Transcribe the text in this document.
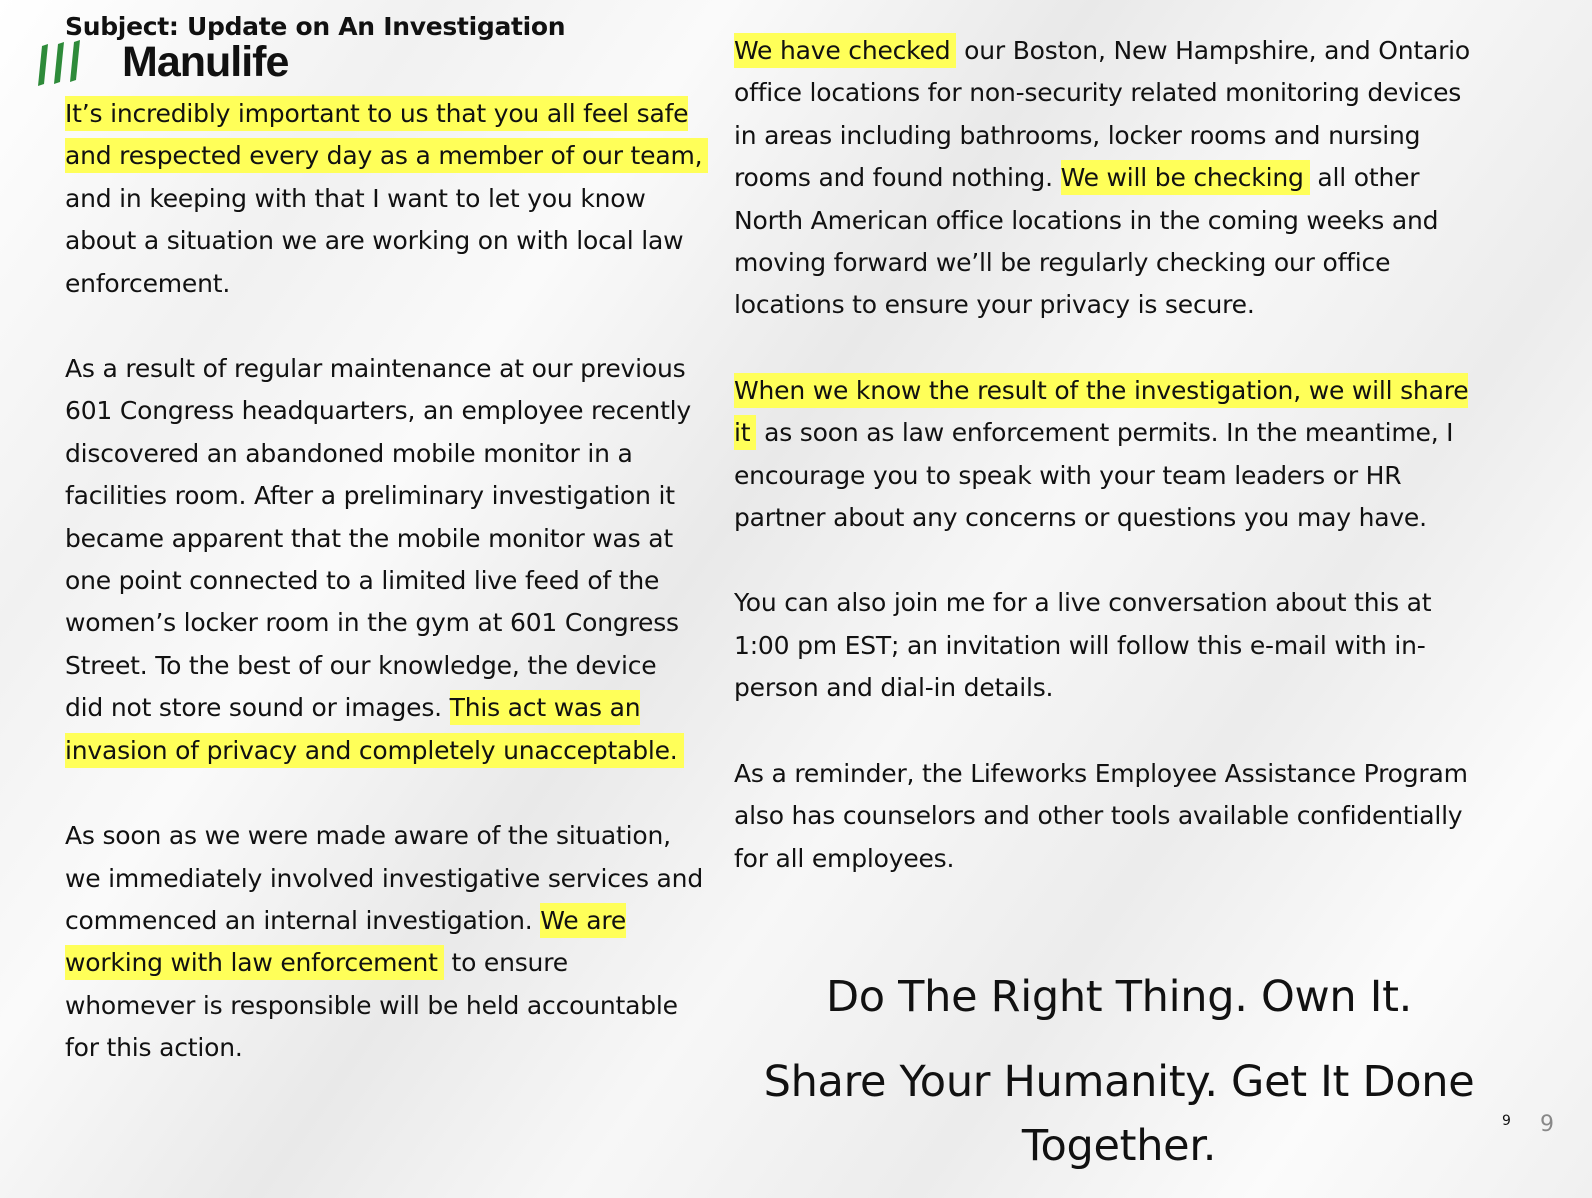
Subject: Update on An Investigation
Manulife

It’s incredibly important to us that you all feel safe
and respected every day as a member of our team,
and in keeping with that I want to let you know
about a situation we are working on with local law
enforcement.

As a result of regular maintenance at our previous
601 Congress headquarters, an employee recently
discovered an abandoned mobile monitor in a
facilities room. After a preliminary investigation it
became apparent that the mobile monitor was at
one point connected to a limited live feed of the
women’s locker room in the gym at 601 Congress
Street. To the best of our knowledge, the device
did not store sound or images. This act was an
invasion of privacy and completely unacceptable.

As soon as we were made aware of the situation,
we immediately involved investigative services and
commenced an internal investigation. We are
working with law enforcement to ensure
whomever is responsible will be held accountable
for this action.

We have checked our Boston, New Hampshire, and Ontario
office locations for non-security related monitoring devices
in areas including bathrooms, locker rooms and nursing
rooms and found nothing. We will be checking all other
North American office locations in the coming weeks and
moving forward we’ll be regularly checking our office
locations to ensure your privacy is secure.

When we know the result of the investigation, we will share
it as soon as law enforcement permits. In the meantime, I
encourage you to speak with your team leaders or HR
partner about any concerns or questions you may have.

You can also join me for a live conversation about this at
1:00 pm EST; an invitation will follow this e-mail with in-
person and dial-in details.

As a reminder, the Lifeworks Employee Assistance Program
also has counselors and other tools available confidentially
for all employees.

Do The Right Thing. Own It.
Share Your Humanity. Get It Done
Together.	9 9
